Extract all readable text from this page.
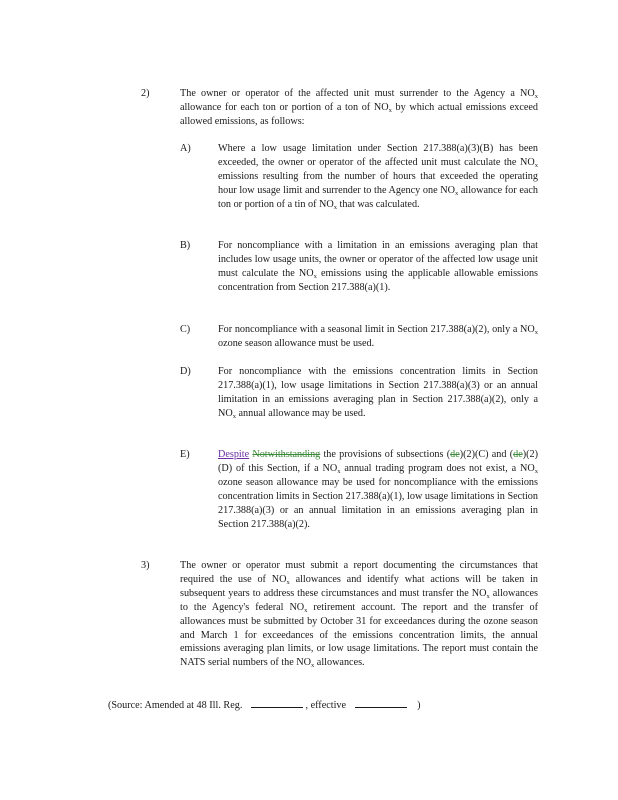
2)	The owner or operator of the affected unit must surrender to the Agency a $NO_x$ allowance for each ton or portion of a ton of $NO_x$ by which actual emissions exceed allowed emissions, as follows:
A)	Where a low usage limitation under Section 217.388(a)(3)(B) has been exceeded, the owner or operator of the affected unit must calculate the $NO_x$ emissions resulting from the number of hours that exceeded the operating hour low usage limit and surrender to the Agency one $NO_x$ allowance for each ton or portion of a tin of $NO_x$ that was calculated.
B)	For noncompliance with a limitation in an emissions averaging plan that includes low usage units, the owner or operator of the affected low usage unit must calculate the $NO_x$ emissions using the applicable allowable emissions concentration from Section 217.388(a)(1).
C)	For noncompliance with a seasonal limit in Section 217.388(a)(2), only a $NO_x$ ozone season allowance must be used.
D)	For noncompliance with the emissions concentration limits in Section 217.388(a)(1), low usage limitations in Section 217.388(a)(3) or an annual limitation in an emissions averaging plan in Section 217.388(a)(2), only a $NO_x$ annual allowance may be used.
E)	Despite Notwithstanding the provisions of subsections (de)(2)(C) and (de)(2)(D) of this Section, if a $NO_x$ annual trading program does not exist, a $NO_x$ ozone season allowance may be used for noncompliance with the emissions concentration limits in Section 217.388(a)(1), low usage limitations in Section 217.388(a)(3) or an annual limitation in an emissions averaging plan in Section 217.388(a)(2).
3)	The owner or operator must submit a report documenting the circumstances that required the use of $NO_x$ allowances and identify what actions will be taken in subsequent years to address these circumstances and must transfer the $NO_x$ allowances to the Agency's federal $NO_x$ retirement account. The report and the transfer of allowances must be submitted by October 31 for exceedances during the ozone season and March 1 for exceedances of the emissions concentration limits, the annual emissions averaging plan limits, or low usage limitations. The report must contain the NATS serial numbers of the $NO_x$ allowances.
(Source: Amended at 48 Ill. Reg.	, effective	)
